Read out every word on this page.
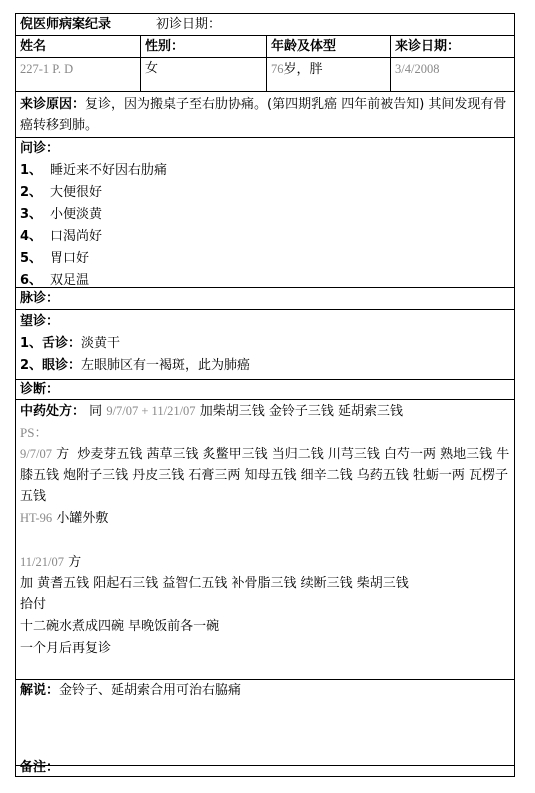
倪医师病案纪录	初诊日期：
姓名	性别：	年龄及体型	来诊日期：
227-1 P. D	女	76岁，胖	3/4/2008
来诊原因：复诊，因为搬桌子至右肋协痛。(第四期乳癌 四年前被告知) 其间发现有骨癌转移到肺。
问诊：
1、 睡近来不好因右肋痛
2、 大便很好
3、 小便淡黄
4、 口渴尚好
5、 胃口好
6、 双足温
脉诊：
望诊：
1、舌诊：淡黄干
2、眼诊：左眼肺区有一褐斑，此为肺癌
诊断：
中药处方： 同 9/7/07 + 11/21/07 加柴胡三钱 金铃子三钱 延胡索三钱
PS：
9/7/07 方 炒麦芽五钱 茜草三钱 炙鳖甲三钱 当归二钱 川芎三钱 白芍一两 熟地三钱 牛膝五钱 炮附子三钱 丹皮三钱 石膏三两 知母五钱 细辛二钱 乌药五钱 牡蛎一两 瓦楞子五钱
HT-96 小罐外敷
11/21/07 方
加 黄耆五钱 阳起石三钱 益智仁五钱 补骨脂三钱 续断三钱 柴胡三钱
拾付
十二碗水煮成四碗 早晚饭前各一碗
一个月后再复诊
解说：金铃子、延胡索合用可治右脇痛
备注：
